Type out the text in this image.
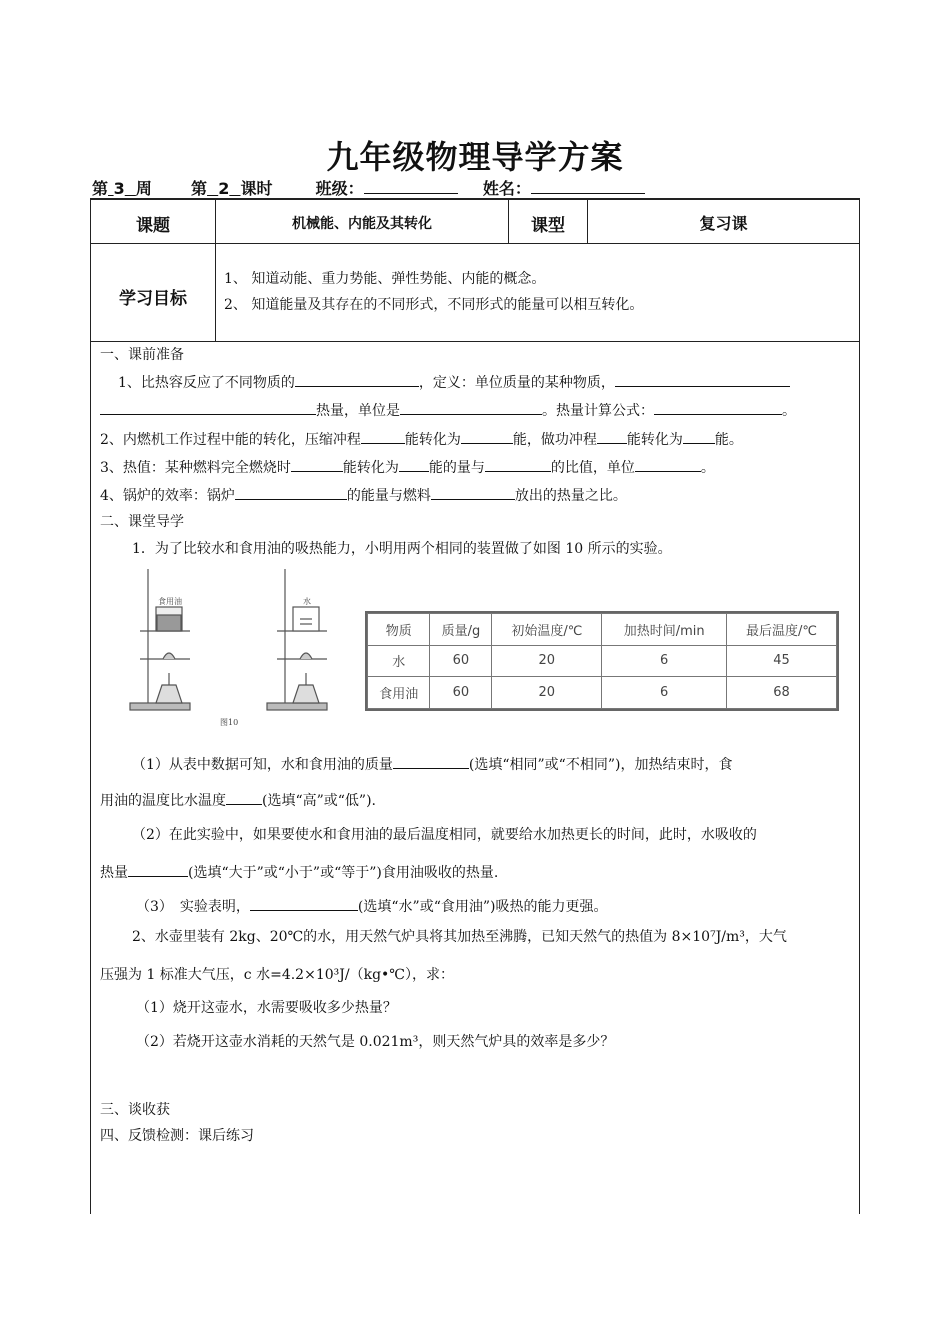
九年级物理导学方案
第 3 周 第 2 课时	班级：	姓名：
课题	机械能、内能及其转化	课型	复习课
学习目标
1、 知道动能、重力势能、弹性势能、内能的概念。
2、 知道能量及其存在的不同形式，不同形式的能量可以相互转化。
一、课前准备
1、比热容反应了不同物质的	，定义：单位质量的某种物质，
热量，单位是	。热量计算公式：	。
2、内燃机工作过程中能的转化，压缩冲程	能转化为	能，做功冲程 能转化为 能。
3、热值：某种燃料完全燃烧时	能转化为 能的量与	的比值，单位	。
4、锅炉的效率：锅炉	的能量与燃料	放出的热量之比。
二、课堂导学
1．为了比较水和食用油的吸热能力，小明用两个相同的装置做了如图 10 所示的实验。
食用油	水
图10
物质	质量/g	初始温度/℃	加热时间/min	最后温度/℃
水	60	20	6	45
食用油	60	20	6	68
（1）从表中数据可知，水和食用油的质量	(选填“相同”或“不相同”)，加热结束时，食
用油的温度比水温度	(选填“高”或“低”).
（2）在此实验中，如果要使水和食用油的最后温度相同，就要给水加热更长的时间，此时，水吸收的
热量	(选填“大于”或“小于”或“等于”)食用油吸收的热量.
（3）　实验表明，	(选填“水”或“食用油”)吸热的能力更强。
2、水壶里装有 2kg、20℃的水，用天然气炉具将其加热至沸腾，已知天然气的热值为 8×10⁷J/m³，大气
压强为 1 标准大气压，c 水=4.2×10³J/（kg•℃），求：
（1）烧开这壶水，水需要吸收多少热量？
（2）若烧开这壶水消耗的天然气是 0.021m³，则天然气炉具的效率是多少？
三、谈收获
四、反馈检测：课后练习
